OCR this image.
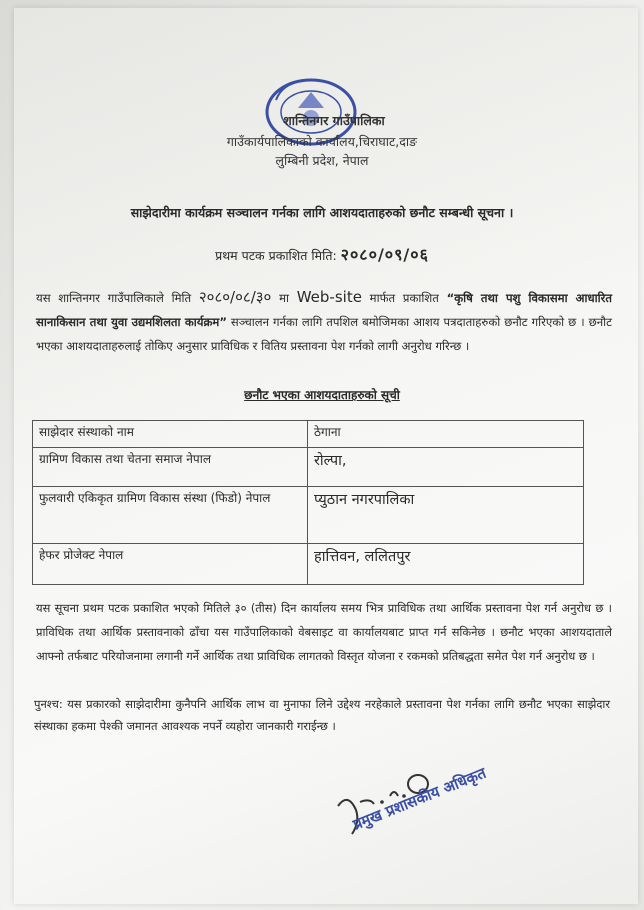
शान्तिनगर गाउँपालिका
गाउँकार्यपालिकाको कार्यालय,चिराघाट,दाङ
लुम्बिनी प्रदेश, नेपाल
साझेदारीमा कार्यक्रम सञ्चालन गर्नका लागि आशयदाताहरुको छनौट सम्बन्धी सूचना ।
प्रथम पटक प्रकाशित मिति: २०८०/०९/०६
यस शान्तिनगर गाउँपालिकाले मिति २०८०/०८/३० मा Web-site मार्फत प्रकाशित “कृषि तथा पशु विकासमा आधारित सानाकिसान तथा युवा उद्यमशिलता कार्यक्रम” सञ्चालन गर्नका लागि तपशिल बमोजिमका आशय पत्रदाताहरुको छनौट गरिएको छ । छनौट भएका आशयदाताहरुलाई तोकिए अनुसार प्राविधिक र वितिय प्रस्तावना पेश गर्नको लागी अनुरोध गरिन्छ ।
छनौट भएका आशयदाताहरुको सूची
साझेदार संस्थाको नाम	ठेगाना
ग्रामिण विकास तथा चेतना समाज नेपाल	रोल्पा,
फुलवारी एकिकृत ग्रामिण विकास संस्था (फिडो) नेपाल	प्युठान नगरपालिका
हेफर प्रोजेक्ट नेपाल	हात्तिवन, ललितपुर
यस सूचना प्रथम पटक प्रकाशित भएको मितिले ३० (तीस) दिन कार्यालय समय भित्र प्राविधिक तथा आर्थिक प्रस्तावना पेश गर्न अनुरोध छ । प्राविधिक तथा आर्थिक प्रस्तावनाको ढाँचा यस गाउँपालिकाको वेबसाइट वा कार्यालयबाट प्राप्त गर्न सकिनेछ । छनौट भएका आशयदाताले आफ्नो तर्फबाट परियोजनामा लगानी गर्ने आर्थिक तथा प्राविधिक लागतको विस्तृत योजना र रकमको प्रतिबद्धता समेत पेश गर्न अनुरोध छ ।
पुनश्च: यस प्रकारको साझेदारीमा कुनैपनि आर्थिक लाभ वा मुनाफा लिने उद्देश्य नरहेकाले प्रस्तावना पेश गर्नका लागि छनौट भएका साझेदार संस्थाका हकमा पेश्की जमानत आवश्यक नपर्ने व्यहोरा जानकारी गराईन्छ ।
प्रमुख प्रशासकीय अधिकृत
